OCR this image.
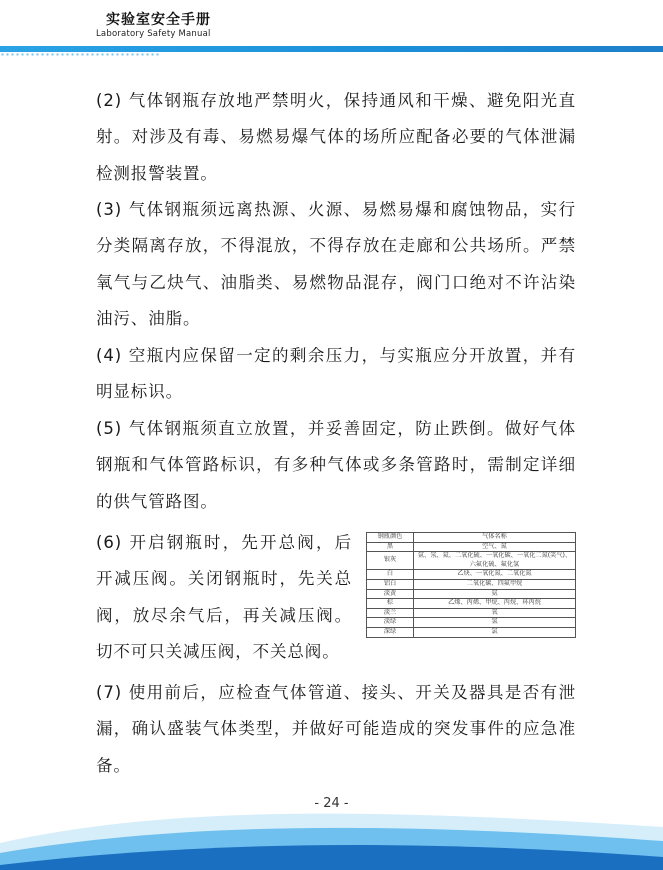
实验室安全手册
Laboratory Safety Manual

(2) 气体钢瓶存放地严禁明火，保持通风和干燥、避免阳光直射。对涉及有毒、易燃易爆气体的场所应配备必要的气体泄漏检测报警装置。

(3) 气体钢瓶须远离热源、火源、易燃易爆和腐蚀物品，实行分类隔离存放，不得混放，不得存放在走廊和公共场所。严禁氧气与乙炔气、油脂类、易燃物品混存，阀门口绝对不许沾染油污、油脂。

(4) 空瓶内应保留一定的剩余压力，与实瓶应分开放置，并有明显标识。

(5) 气体钢瓶须直立放置，并妥善固定，防止跌倒。做好气体钢瓶和气体管路标识，有多种气体或多条管路时，需制定详细的供气管路图。

(6) 开启钢瓶时，先开总阀，后开减压阀。关闭钢瓶时，先关总阀，放尽余气后，再关减压阀。切不可只关减压阀，不关总阀。

(7) 使用前后，应检查气体管道、接头、开关及器具是否有泄漏，确认盛装气体类型，并做好可能造成的突发事件的应急准备。

钢瓶颜色	气体名称
黑	空气、氮
银灰	氩、氖、氦、二氧化硫、一氧化碳、一氧化二氮(笑气)、六氟化硫、氟化氢
白	乙炔、一氧化氮、二氧化氮
铝白	二氧化碳、四氟甲烷
淡黄	氨
棕	乙烯、丙烯、甲烷、丙烷、环丙烷
淡兰	氧
淡绿	氢
深绿	氯
- 24 -
